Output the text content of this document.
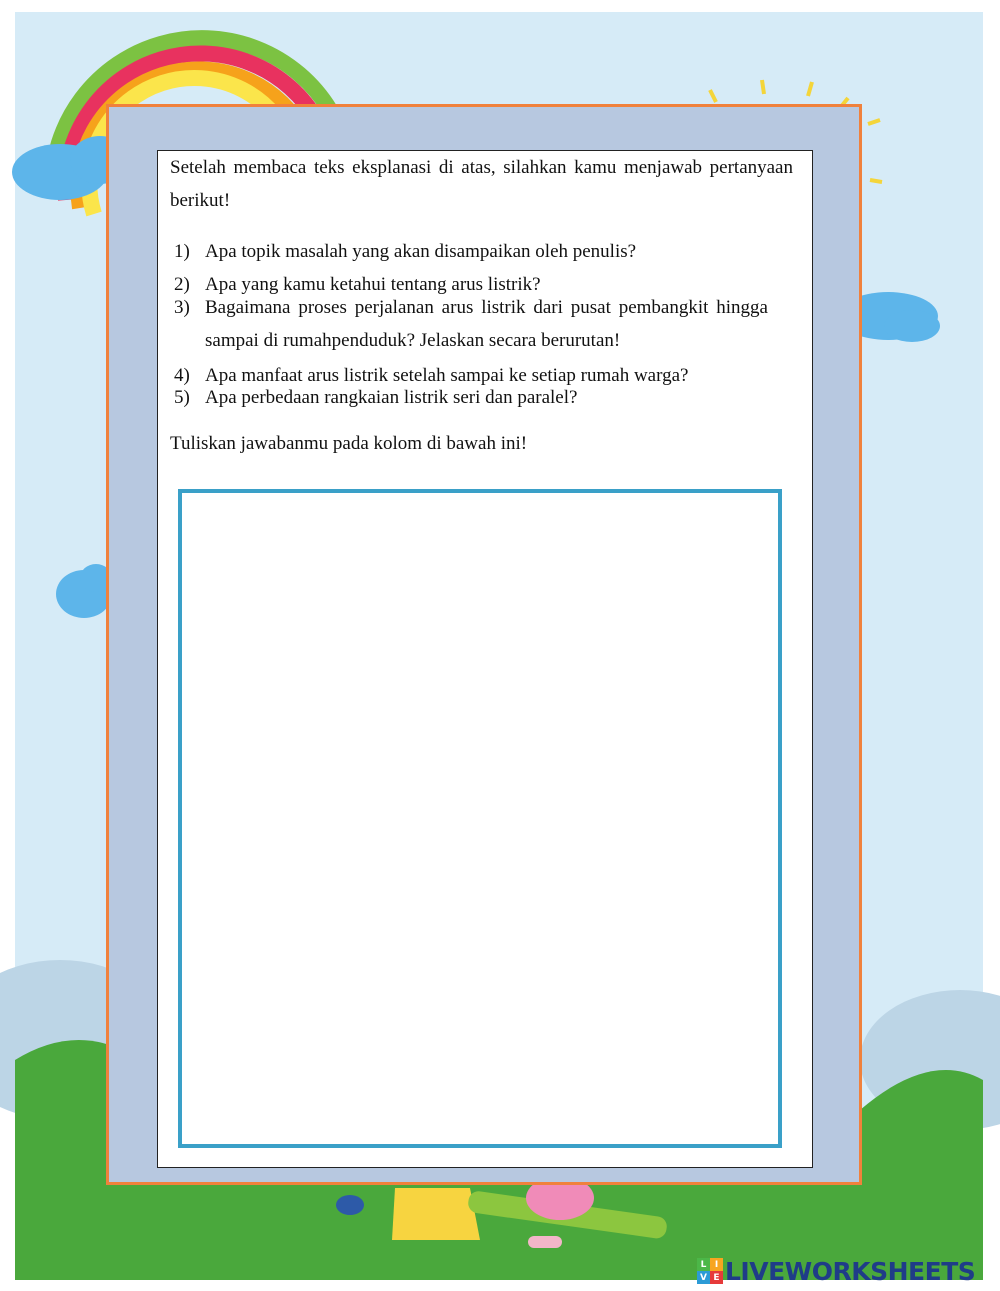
Setelah membaca teks eksplanasi di atas, silahkan kamu menjawab pertanyaan
berikut!
1) Apa topik masalah yang akan disampaikan oleh penulis?
2) Apa yang kamu ketahui tentang arus listrik?
3) Bagaimana proses perjalanan arus listrik dari pusat pembangkit hingga
sampai di rumahpenduduk? Jelaskan secara berurutan!
4) Apa manfaat arus listrik setelah sampai ke setiap rumah warga?
5) Apa perbedaan rangkaian listrik seri dan paralel?
Tuliskan jawabanmu pada kolom di bawah ini!
L I
V E LIVEWORKSHEETS
